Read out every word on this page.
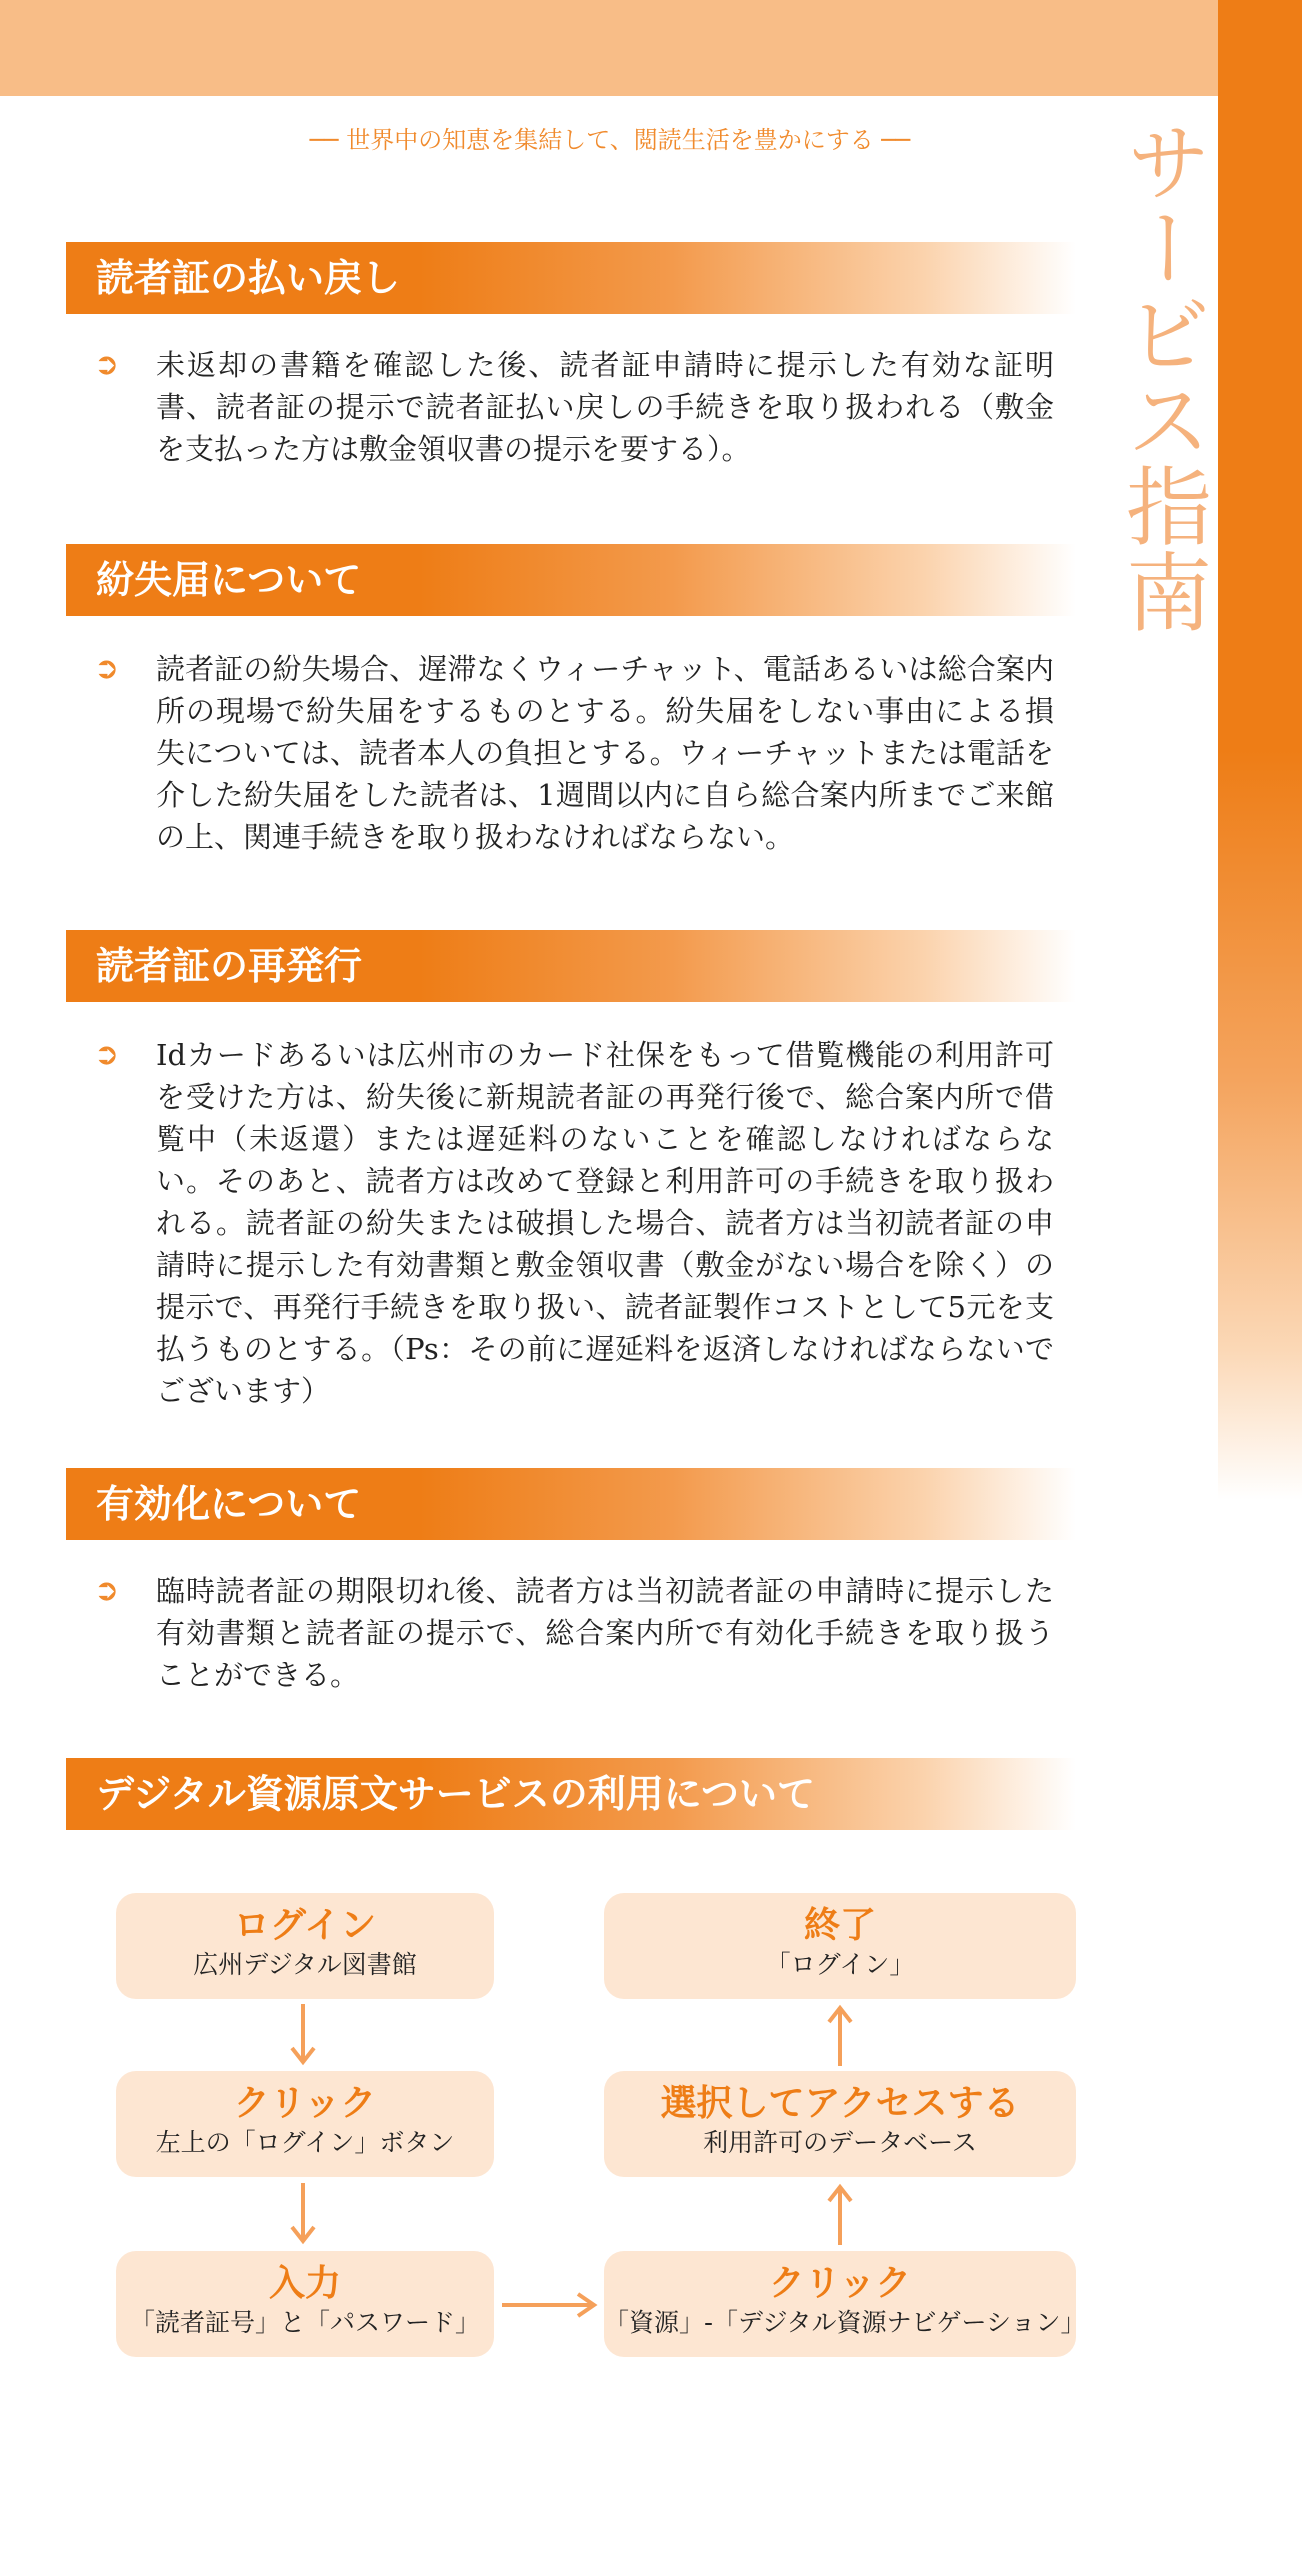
サービス指南
── 世界中の知恵を集結して、閲読生活を豊かにする ──
読者証の払い戻し
➲ 未返却の書籍を確認した後、読者証申請時に提示した有効な証明書、読者証の提示で読者証払い戻しの手続きを取り扱われる（敷金を支払った方は敷金領収書の提示を要する）。

紛失届について
➲ 読者証の紛失場合、遅滞なくウィーチャット、電話あるいは総合案内所の現場で紛失届をするものとする。紛失届をしない事由による損失については、読者本人の負担とする。ウィーチャットまたは電話を介した紛失届をした読者は、1週間以内に自ら総合案内所までご来館の上、関連手続きを取り扱わなければならない。

読者証の再発行
➲ Idカードあるいは広州市のカード社保をもって借覧機能の利用許可を受けた方は、紛失後に新規読者証の再発行後で、総合案内所で借覧中（未返還）または遅延料のないことを確認しなければならない。そのあと、読者方は改めて登録と利用許可の手続きを取り扱われる。読者証の紛失または破損した場合、読者方は当初読者証の申請時に提示した有効書類と敷金領収書（敷金がない場合を除く）の提示で、再発行手続きを取り扱い、読者証製作コストとして5元を支払うものとする。（Ps：その前に遅延料を返済しなければならないでございます）

有効化について
➲ 臨時読者証の期限切れ後、読者方は当初読者証の申請時に提示した有効書類と読者証の提示で、総合案内所で有効化手続きを取り扱うことができる。

デジタル資源原文サービスの利用について
ログイン
広州デジタル図書館
クリック
左上の「ログイン」ボタン
入力
「読者証号」と「パスワード」
クリック
「資源」-「デジタル資源ナビゲーション」
選択してアクセスする
利用許可のデータベース
終了
「ログイン」
